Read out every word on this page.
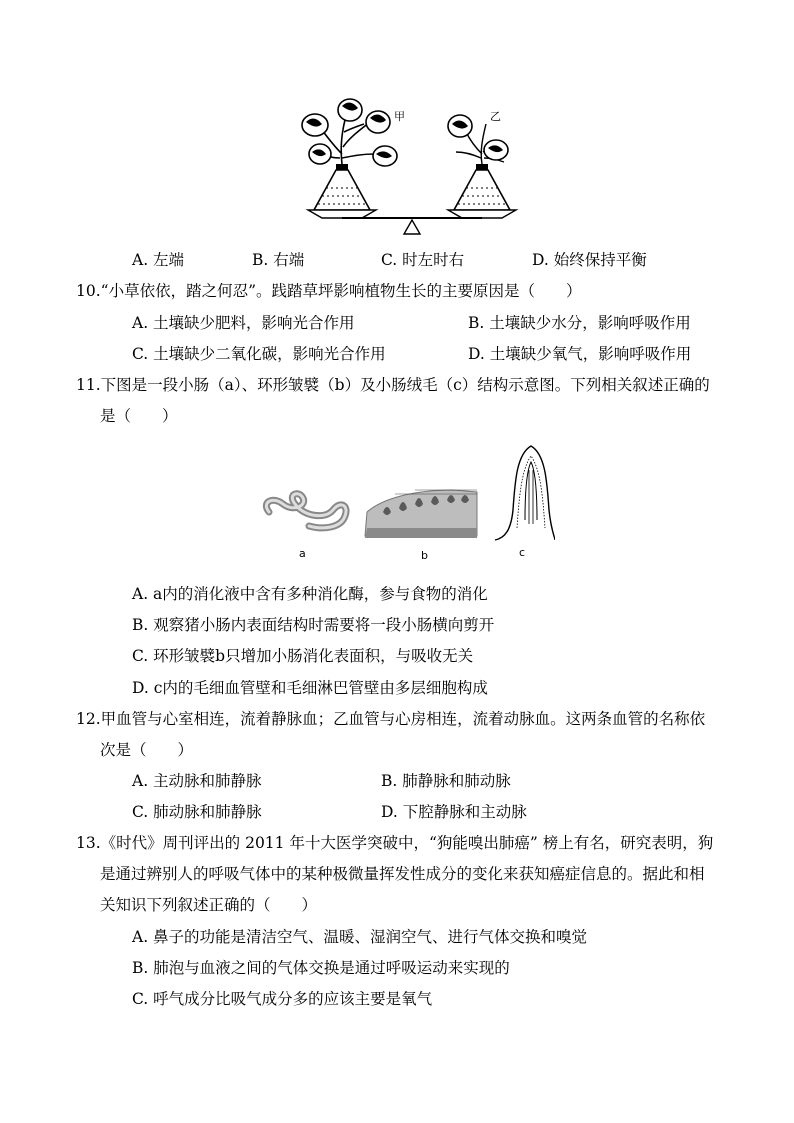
甲	乙
A. 左端	B. 右端	C. 时左时右	D. 始终保持平衡
10.“小草依依，踏之何忍”。践踏草坪影响植物生长的主要原因是（　　）
A. 土壤缺少肥料，影响光合作用	B. 土壤缺少水分，影响呼吸作用
C. 土壤缺少二氧化碳，影响光合作用	D. 土壤缺少氧气，影响呼吸作用
11.下图是一段小肠（a）、环形皱襞（b）及小肠绒毛（c）结构示意图。下列相关叙述正确的
是（　　）
a	b	c
A. a内的消化液中含有多种消化酶，参与食物的消化
B. 观察猪小肠内表面结构时需要将一段小肠横向剪开
C. 环形皱襞b只增加小肠消化表面积，与吸收无关
D. c内的毛细血管壁和毛细淋巴管壁由多层细胞构成
12.甲血管与心室相连，流着静脉血；乙血管与心房相连，流着动脉血。这两条血管的名称依
次是（　　）
A. 主动脉和肺静脉	B. 肺静脉和肺动脉
C. 肺动脉和肺静脉	D. 下腔静脉和主动脉
13.《时代》周刊评出的 2011 年十大医学突破中，“狗能嗅出肺癌” 榜上有名，研究表明，狗
是通过辨别人的呼吸气体中的某种极微量挥发性成分的变化来获知癌症信息的。据此和相
关知识下列叙述正确的（　　）
A. 鼻子的功能是清洁空气、温暖、湿润空气、进行气体交换和嗅觉
B. 肺泡与血液之间的气体交换是通过呼吸运动来实现的
C. 呼气成分比吸气成分多的应该主要是氧气
